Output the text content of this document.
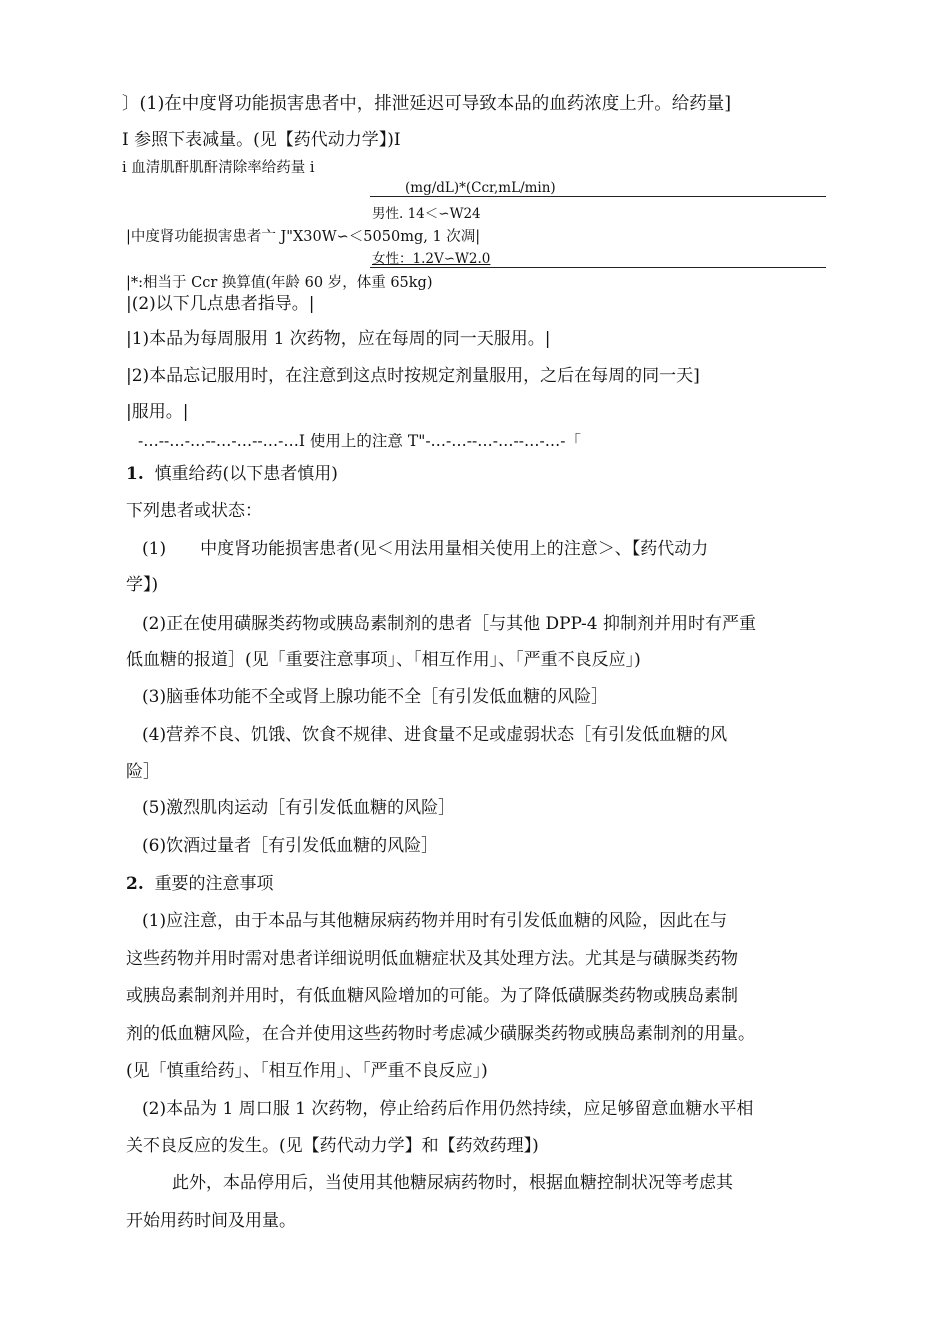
〕(1)在中度肾功能损害患者中，排泄延迟可导致本品的血药浓度上升。给药量]
I 参照下表减量。(见【药代动力学】)I
i 血清肌酐肌酐清除率给药量 i
(mg/dL)*(Ccr,mL/min)
男性. 14＜∽W24
|中度肾功能损害患者亠 J"X30W∽＜5050mg, 1 次凋|
女性：1.2V∽W2.0
|*:相当于 Ccr 换算值(年龄 60 岁，体重 65kg)
|(2)以下几点患者指导。|
|1)本品为每周服用 1 次药物，应在每周的同一天服用。|
|2)本品忘记服用时，在注意到这点时按规定剂量服用，之后在每周的同一天]
|服用。|
-…--…-…--…-…--…-…I 使用上的注意 T"-…-…--…-…--…-…-「
1. 慎重给药(以下患者慎用)
下列患者或状态：
(1)　　中度肾功能损害患者(见＜用法用量相关使用上的注意＞、【药代动力
学】)
(2)正在使用磺脲类药物或胰岛素制剂的患者［与其他 DPP-4 抑制剂并用时有严重
低血糖的报道］(见「重要注意事项」、「相互作用」、「严重不良反应」)
(3)脑垂体功能不全或肾上腺功能不全［有引发低血糖的风险］
(4)营养不良、饥饿、饮食不规律、进食量不足或虚弱状态［有引发低血糖的风
险］
(5)激烈肌肉运动［有引发低血糖的风险］
(6)饮酒过量者［有引发低血糖的风险］
2. 重要的注意事项
(1)应注意，由于本品与其他糖尿病药物并用时有引发低血糖的风险，因此在与
这些药物并用时需对患者详细说明低血糖症状及其处理方法。尤其是与磺脲类药物
或胰岛素制剂并用时，有低血糖风险增加的可能。为了降低磺脲类药物或胰岛素制
剂的低血糖风险，在合并使用这些药物时考虑减少磺脲类药物或胰岛素制剂的用量。
(见「慎重给药」、「相互作用」、「严重不良反应」)
(2)本品为 1 周口服 1 次药物，停止给药后作用仍然持续，应足够留意血糖水平相
关不良反应的发生。(见【药代动力学】和【药效药理】)
此外，本品停用后，当使用其他糖尿病药物时，根据血糖控制状况等考虑其
开始用药时间及用量。
